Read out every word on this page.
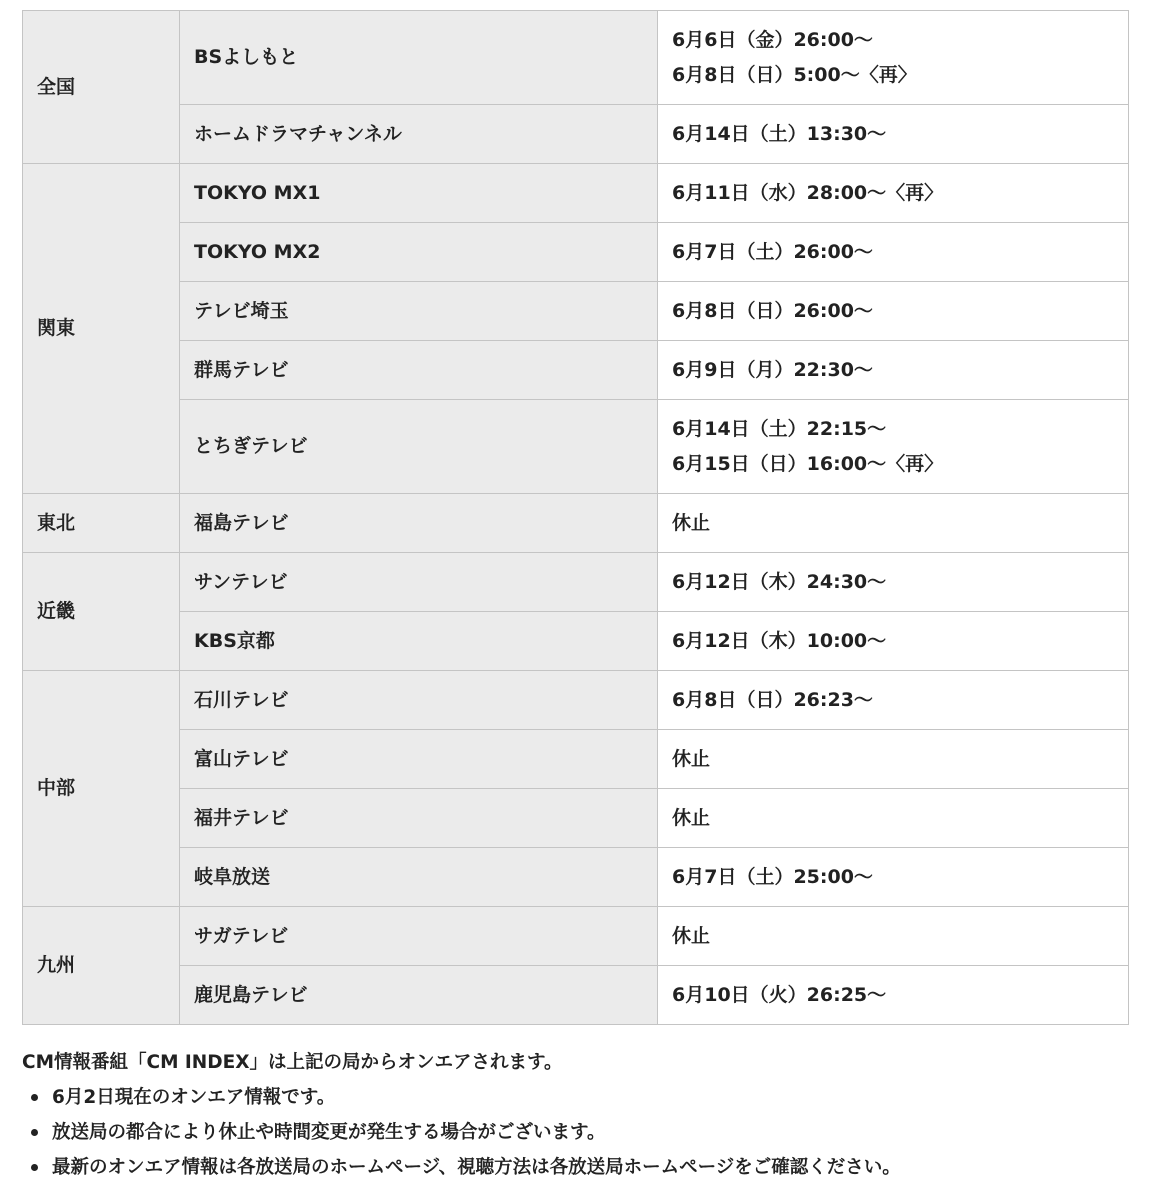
全国	BSよしもと	6月6日（金）26:00〜
6月8日（日）5:00〜〈再〉

	ホームドラマチャンネル	6月14日（土）13:30〜
関東	TOKYO MX1	6月11日（水）28:00〜〈再〉
	TOKYO MX2	6月7日（土）26:00〜
	テレビ埼玉	6月8日（日）26:00〜
	群馬テレビ	6月9日（月）22:30〜
	とちぎテレビ	6月14日（土）22:15〜
6月15日（日）16:00〜〈再〉

東北	福島テレビ	休止
近畿	サンテレビ	6月12日（木）24:30〜
	KBS京都	6月12日（木）10:00〜
中部	石川テレビ	6月8日（日）26:23〜
	富山テレビ	休止
	福井テレビ	休止
	岐阜放送	6月7日（土）25:00〜
九州	サガテレビ	休止
	鹿児島テレビ	6月10日（火）26:25〜
CM情報番組「CM INDEX」は上記の局からオンエアされます。
6月2日現在のオンエア情報です。
放送局の都合により休止や時間変更が発生する場合がございます。
最新のオンエア情報は各放送局のホームページ、視聴方法は各放送局ホームページをご確認ください。
